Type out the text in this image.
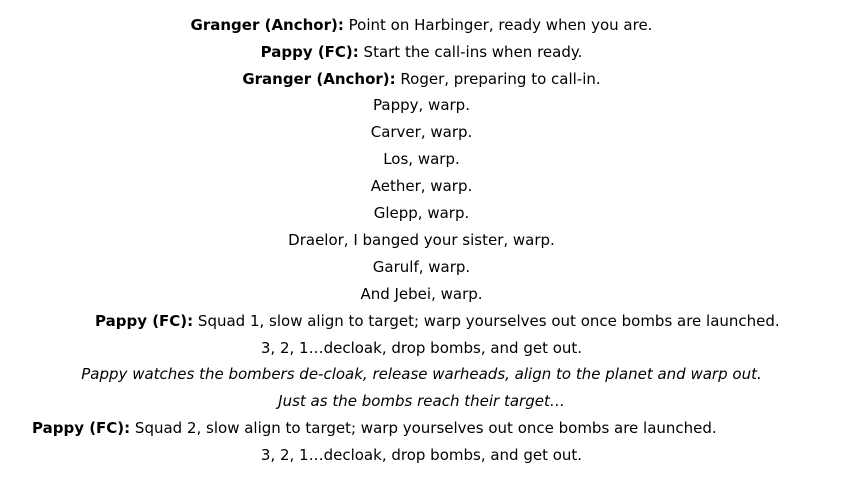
Granger (Anchor): Point on Harbinger, ready when you are.
Pappy (FC): Start the call-ins when ready.
Granger (Anchor): Roger, preparing to call-in.
Pappy, warp.
Carver, warp.
Los, warp.
Aether, warp.
Glepp, warp.
Draelor, I banged your sister, warp.
Garulf, warp.
And Jebei, warp.
Pappy (FC): Squad 1, slow align to target; warp yourselves out once bombs are launched.
3, 2, 1…decloak, drop bombs, and get out.
Pappy watches the bombers de-cloak, release warheads, align to the planet and warp out.
Just as the bombs reach their target…
Pappy (FC): Squad 2, slow align to target; warp yourselves out once bombs are launched.
3, 2, 1…decloak, drop bombs, and get out.
